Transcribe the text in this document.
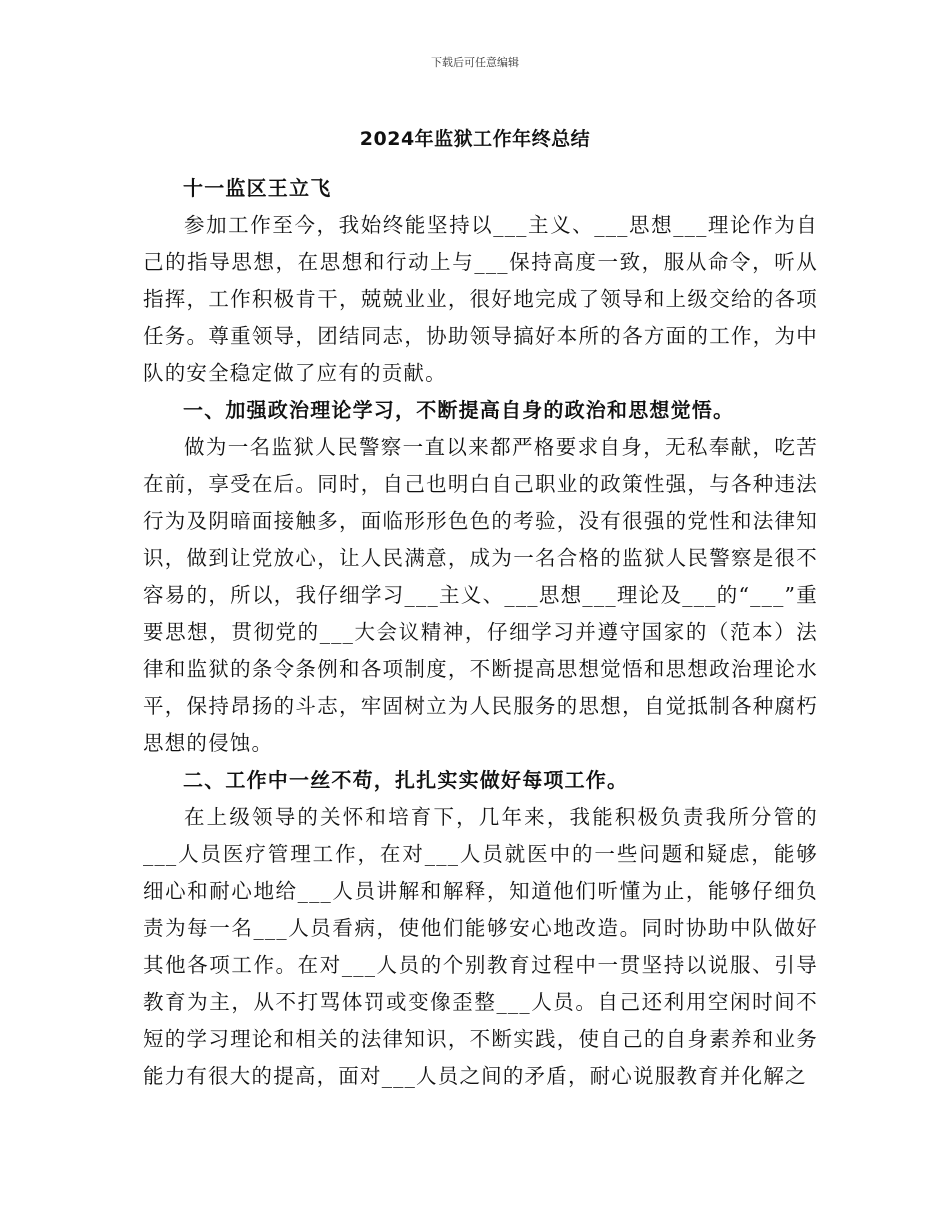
下载后可任意编辑
2024年监狱工作年终总结

十一监区王立飞

参加工作至今，我始终能坚持以___主义、___思想___理论作为自己的指导思想，在思想和行动上与___保持高度一致，服从命令，听从指挥，工作积极肯干，兢兢业业，很好地完成了领导和上级交给的各项任务。尊重领导，团结同志，协助领导搞好本所的各方面的工作，为中队的安全稳定做了应有的贡献。

一、加强政治理论学习，不断提高自身的政治和思想觉悟。

做为一名监狱人民警察一直以来都严格要求自身，无私奉献，吃苦在前，享受在后。同时，自己也明白自己职业的政策性强，与各种违法行为及阴暗面接触多，面临形形色色的考验，没有很强的党性和法律知识，做到让党放心，让人民满意，成为一名合格的监狱人民警察是很不容易的，所以，我仔细学习___主义、___思想___理论及___的“___”重要思想，贯彻党的___大会议精神，仔细学习并遵守国家的（范本）法律和监狱的条令条例和各项制度，不断提高思想觉悟和思想政治理论水平，保持昂扬的斗志，牢固树立为人民服务的思想，自觉抵制各种腐朽思想的侵蚀。

二、工作中一丝不苟，扎扎实实做好每项工作。

在上级领导的关怀和培育下，几年来，我能积极负责我所分管的___人员医疗管理工作，在对___人员就医中的一些问题和疑虑，能够细心和耐心地给___人员讲解和解释，知道他们听懂为止，能够仔细负责为每一名___人员看病，使他们能够安心地改造。同时协助中队做好其他各项工作。在对___人员的个别教育过程中一贯坚持以说服、引导教育为主，从不打骂体罚或变像歪整___人员。自己还利用空闲时间不短的学习理论和相关的法律知识，不断实践，使自己的自身素养和业务能力有很大的提高，面对___人员之间的矛盾，耐心说服教育并化解之
